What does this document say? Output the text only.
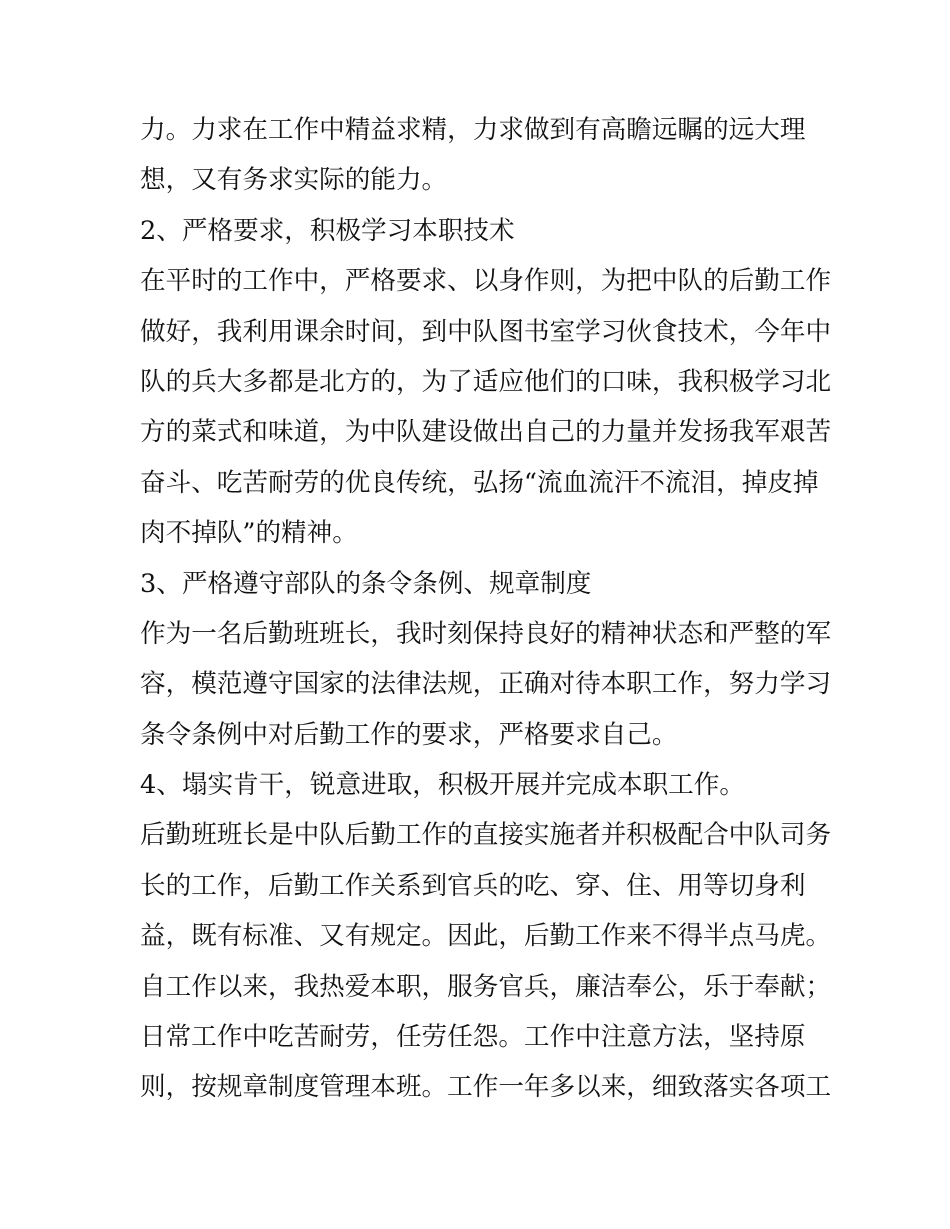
力。力求在工作中精益求精，力求做到有高瞻远瞩的远大理
想，又有务求实际的能力。
2、严格要求，积极学习本职技术
在平时的工作中，严格要求、以身作则，为把中队的后勤工作
做好，我利用课余时间，到中队图书室学习伙食技术，今年中
队的兵大多都是北方的，为了适应他们的口味，我积极学习北
方的菜式和味道，为中队建设做出自己的力量并发扬我军艰苦
奋斗、吃苦耐劳的优良传统，弘扬“流血流汗不流泪，掉皮掉
肉不掉队”的精神。
3、严格遵守部队的条令条例、规章制度
作为一名后勤班班长，我时刻保持良好的精神状态和严整的军
容，模范遵守国家的法律法规，正确对待本职工作，努力学习
条令条例中对后勤工作的要求，严格要求自己。
4、塌实肯干，锐意进取，积极开展并完成本职工作。
后勤班班长是中队后勤工作的直接实施者并积极配合中队司务
长的工作，后勤工作关系到官兵的吃、穿、住、用等切身利
益，既有标准、又有规定。因此，后勤工作来不得半点马虎。
自工作以来，我热爱本职，服务官兵，廉洁奉公，乐于奉献；
日常工作中吃苦耐劳，任劳任怨。工作中注意方法，坚持原
则，按规章制度管理本班。工作一年多以来，细致落实各项工
